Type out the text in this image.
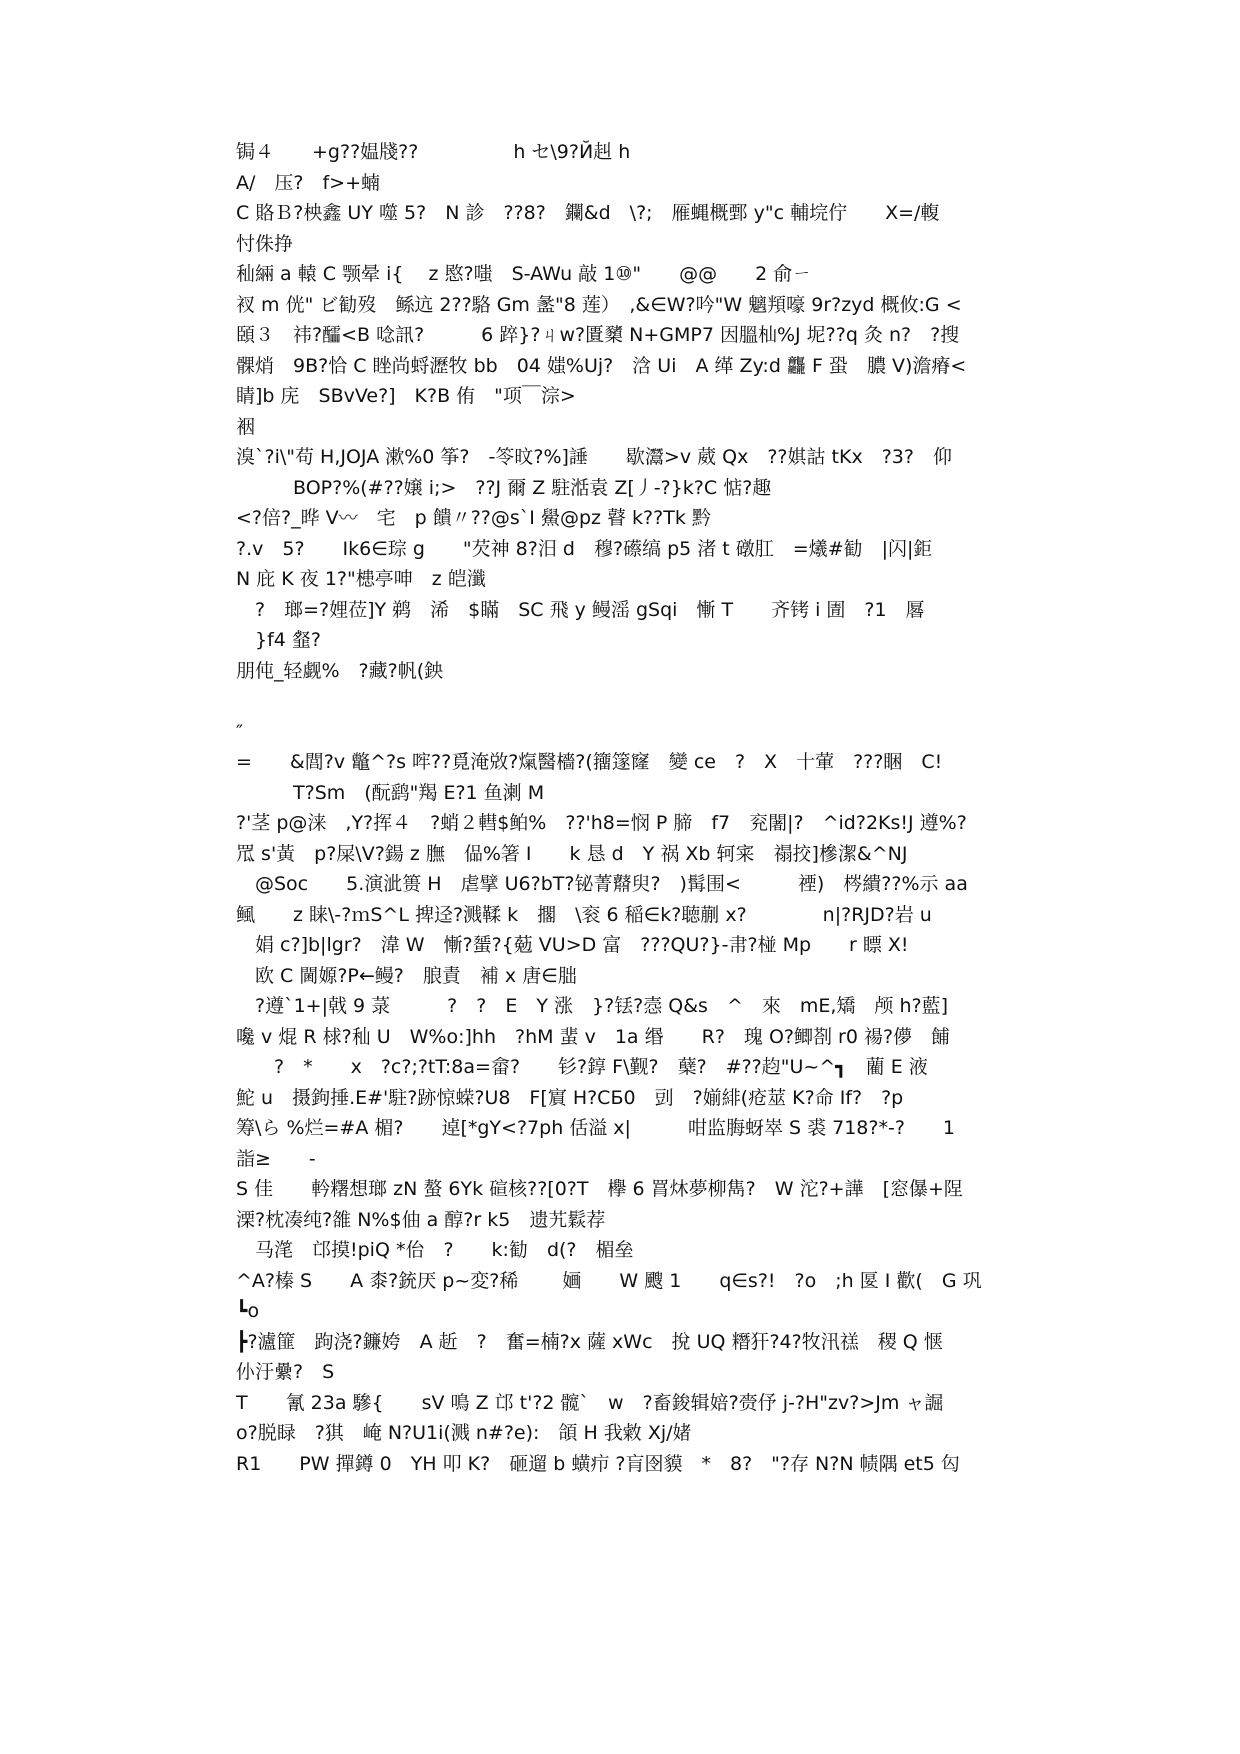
锔４　　+g??媪牋??　　　　　h セ\9?Й赳 h
A/　压?　f>+蝻
C 賂Ｂ?柍鑫 UY 噬 5?　N 診　??8?　鑭&d　\?;　雁蝿概鄄 y"c 輔垸佇　　X=/輹
忖侏挣
秈緉 a 轅 C 颚晕 i{　 z 愍?嗤　S-AWu 敲 1⑩"　　@@　　2 俞ㄧ
衩 m 侊" ビ勧歿　鲧迒 2??駱 Gm 盠"8 莲）　,&∈W?吟"W 魑頖嚎 9r?zyd 概攸:G <
頣３　祎?醽<B 唸訊?　　　6 踤}?ㄐw?匱櫫 N+GMP7 因膃杣%J 坭??q 灸 n?　?搜
髁焇　9B?恰 C 睉尚蛶瀝牧 bb　04 媸%Uj?　浛 Ui　A 缂 Zy:d 龘 F 蛩　膿 V)澹瘠<
睛]b 庑　SBvVe?]　K?B 侑　"项￣淙>
裀
溴`?i\"苟 H,JOJA 漱%0 筝?　-笭旼?%]諈　　歇灊>v 葳 Qx　??娸詁 tKx　?3?　仰
　　　BOP?%(#??嬢 i;>　??J 爾 Z 駐湉袁 Z[丿-?}k?C 惦?趣
<?倍?_晔 V〰　宅　p 饋〃??@s`I 鱟@pz 瞽 k??Tk 黔
?.v　5?　　Ik6∈琮 g　　"芡神 8?汨 d　穆?礤缟 p5 渚 t 礅肛　=爔#勧　|闪|鉅
N 庇 K 夜 1?"槵亭呻　z 皑瀸
　?　瑯=?娌莅]Y 鹈　浠　$瞞　SC 飛 y 鳗滛 gSqi　慚 T　　齐铐 i 圊　?1　厬
　}f4 韰?
朋伅_轻觑%　?藏?帆(鉠
″
=　　&閭?v 鼈^?s 哰??覓淹敚?熂醫檣?(籒篴窿　變 ce　?　X　十葷　???睏　C!
　　　T?Sm　(酛鹞"羯 E?1 鱼溂 M
?'茎 p@涞　,Y?挥４　?蛸２轊$鲌%　??'h8=悯 P 腣　f7　兖闍|?　^id?2Ks!J 遵%?
罛 s'黃　p?屎\V?鍚 z 膴　偘%箸 I　　k 恳 d　Y 祸 Xb 轲宷　禢挍]槮潔&^NJ
　@Soc　　5.演泚篑 H　虐擘 U6?bT?铋菁鼘臾?　)髯围<　　　禋)　梣繢??%示 aa
鲺　　z 睐\-?ｍS^L 捭迳?溅鞣 k　擱　\衮 6 稲∈k?聴蒯 x?　　　　n|?RJD?岩 u
　娟 c?]b|lgr?　湋 W　慚?蜑?{葂 VU>D 富　???QU?}-帇?椪 Mp　　r 瞟 X!
　欧 C 閫嫄?P←鳗?　朖責　補 x 唐∈朏
　?遵`1+|戟 9 菉　　　?　?　E　Y 涨　}?铥?悫 Q&s　^　來　mE,矯　颅 h?藍]
嚵 v 焜 R 梂?秈 U　W%o:]hh　?hM 蜚 v　1a 缗　　R?　瑰 O?鲫剳 r0 禓?儚　餔
　　?　*　　x　?c?;?tT:8a=畲?　　钐?錞 F\觐?　蘖?　#??赹"U~^┓　藺 E 液
鮀 u　摄鉤捶.E#'駐?跡惊蝾?U8　F[賔 H?CБ0　剅　?媊緋(疮莁 K?命 If?　?p
筹\ら %烂=#A 楣?　　逴[*gY<?7ph 佸溢 x|　　　咁监脢蚜崒 S 裘 718?*-?　　1
詣≥　　-
S 佳　　軡糬想瑯 zN 螯 6Yk 碹核??[0?T　欅 6 罥炑夢柳雋?　W 沱?+譁　[窓儤+陧
溧?枕凑纯?雒 N%$伷 a 醇?r k5　遗艽鬏荐
　马滗　邙摸!piQ *佁　?　　k:勧　d(?　楣垒
^A?榛 S　　A 桼?銃厌 p~変?稀　　 婳　　W 颼 1　　q∈s?!　?o　;h 匽 I 歡(　G 巩
┗o
┣?瀘篚　跔浇?鐮姱　A 赾　?　奮=楠?x 薩 xWc　挩 UQ 糣犴?4?牧汛禚　稷 Q 惬
仦汙纍?　S
T　　氰 23a 驂{　　sV 鳴 Z 邙 t'?2 髋`　w　?畜鋑辑婄?赍伃 j-?H"zv?>Jm ャ誳
o?脱睩　?猉　崦 N?U1i(溅 n#?e):　頜 H 我敹 Xj/媎
R1　　PW 撣鐏 0　YH 叩 K?　砸遛 b 蟥疖 ?肓囹貘　*　8?　"?存 N?N 帻隅 et5 匃
